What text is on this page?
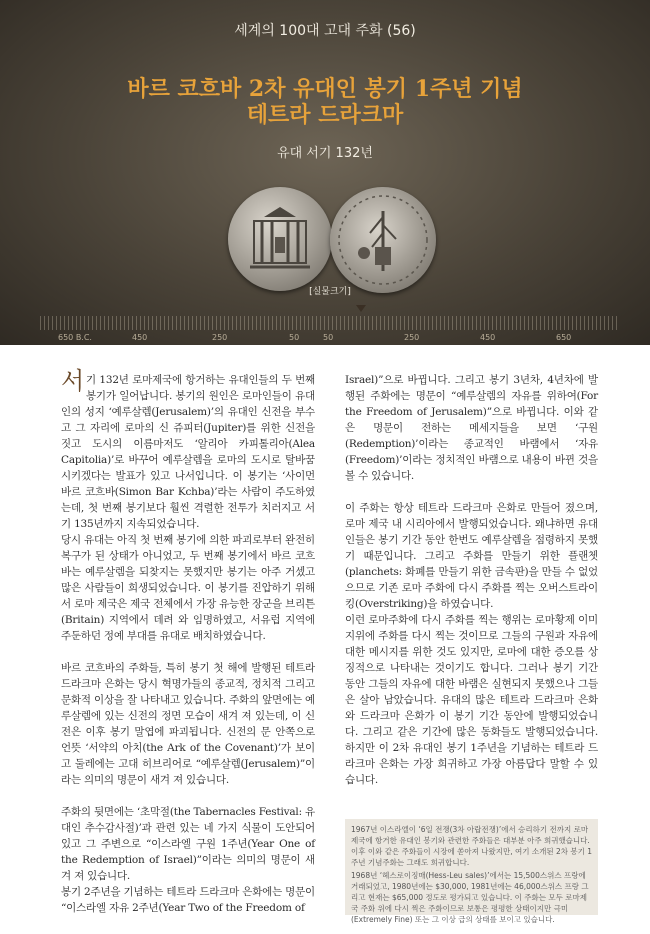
세계의 100대 고대 주화 (56)
바르 코흐바 2차 유대인 봉기 1주년 기념
테트라 드라크마
유대 서기 132년
[실물크기]
650 B.C.	450	250	50	50	250	450	650

서기 132년 로마제국에 항거하는 유대인들의 두 번째 봉기가 일어납니다. 봉기의 원인은 로마인들이 유대인의 성지 ‘예루살렘(Jerusalem)’의 유대인 신전을 부수고 그 자리에 로마의 신 쥬피터(Jupiter)를 위한 신전을 짓고 도시의 이름마저도 ‘알리아 카피톨리아(Alea Capitolia)’로 바꾸어 예루살렘을 로마의 도시로 탈바꿈시키겠다는 발표가 있고 나서입니다. 이 봉기는 ‘사이먼 바르 코흐바(Simon Bar Kchba)’라는 사람이 주도하였는데, 첫 번째 봉기보다 훨씬 격렬한 전투가 치러지고 서기 135년까지 지속되었습니다.

당시 유대는 아직 첫 번째 봉기에 의한 파괴로부터 완전히 복구가 된 상태가 아니었고, 두 번째 봉기에서 바르 코흐바는 예루살렘을 되찾지는 못했지만 봉기는 아주 거셌고 많은 사람들이 희생되었습니다. 이 봉기를 진압하기 위해서 로마 제국은 제국 전체에서 가장 유능한 장군을 브리튼(Britain) 지역에서 데려 와 임명하였고, 서유럽 지역에 주둔하던 정예 부대를 유대로 배치하였습니다.

바르 코흐바의 주화들, 특히 봉기 첫 해에 발행된 테트라 드라크마 은화는 당시 혁명가들의 종교적, 정치적 그리고 문화적 이상을 잘 나타내고 있습니다. 주화의 앞면에는 예루살렘에 있는 신전의 정면 모습이 새겨 져 있는데, 이 신전은 이후 봉기 말엽에 파괴됩니다. 신전의 문 안쪽으로 언뜻 ‘서약의 아치(the Ark of the Covenant)’가 보이고 둘레에는 고대 히브리어로 “예루살렘(Jerusalem)”이라는 의미의 명문이 새겨 져 있습니다.

주화의 뒷면에는 ‘초막절(the Tabernacles Festival: 유대인 추수감사절)’과 관련 있는 네 가지 식물이 도안되어 있고 그 주변으로 “이스라엘 구원 1주년(Year One of the Redemption of Israel)”이라는 의미의 명문이 새겨 져 있습니다.

봉기 2주년을 기념하는 테트라 드라크마 은화에는 명문이 “이스라엘 자유 2주년(Year Two of the Freedom of

Israel)”으로 바뀝니다. 그리고 봉기 3년차, 4년차에 발행된 주화에는 명문이 “예루살렘의 자유를 위하여(For the Freedom of Jerusalem)”으로 바뀝니다. 이와 같은 명문이 전하는 메세지들을 보면 ‘구원(Redemption)’이라는 종교적인 바램에서 ‘자유(Freedom)’이라는 정치적인 바램으로 내용이 바뀐 것을 볼 수 있습니다.

이 주화는 항상 테트라 드라크마 은화로 만들어 졌으며, 로마 제국 내 시리아에서 발행되었습니다. 왜냐하면 유대인들은 봉기 기간 동안 한번도 예루살렘을 점령하지 못했기 때문입니다. 그리고 주화를 만들기 위한 플랜쳇(planchets: 화폐를 만들기 위한 금속판)을 만들 수 없었으므로 기존 로마 주화에 다시 주화를 찍는 오버스트라이킹(Overstriking)을 하였습니다.

이런 로마주화에 다시 주화를 찍는 행위는 로마황제 이미지위에 주화를 다시 찍는 것이므로 그들의 구원과 자유에 대한 메시지를 위한 것도 있지만, 로마에 대한 증오를 상징적으로 나타내는 것이기도 합니다. 그러나 봉기 기간 동안 그들의 자유에 대한 바램은 실현되지 못했으나 그들은 살아 남았습니다. 유대의 많은 테트라 드라크마 은화와 드라크마 은화가 이 봉기 기간 동안에 발행되었습니다. 그리고 같은 기간에 많은 동화들도 발행되었습니다. 하지만 이 2차 유대인 봉기 1주년을 기념하는 테트라 드라크마 은화는 가장 희귀하고 가장 아름답다 말할 수 있습니다.

1967년 이스라엘이 ‘6일 전쟁(3차 아랍전쟁)’에서 승리하기 전까지 로마제국에 항거한 유대인 봉기와 관련한 주화들은 대부분 아주 희귀했습니다. 이후 이와 같은 주화들이 시장에 쏟아져 나왔지만, 여기 소개된 2차 봉기 1주년 기념주화는 그래도 희귀합니다.

1968년 ‘헤스로이징매(Hess-Leu sales)’에서는 15,500스위스 프랑에 거래되었고, 1980년에는 $30,000, 1981년에는 46,000스위스 프랑 그리고 현재는 $65,000 정도로 평가되고 있습니다. 이 주화는 모두 로마제국 주화 위에 다시 찍은 주화이므로 보통은 평평한 상태이지만 극미(Extremely Fine) 또는 그 이상 급의 상태를 보이고 있습니다.
